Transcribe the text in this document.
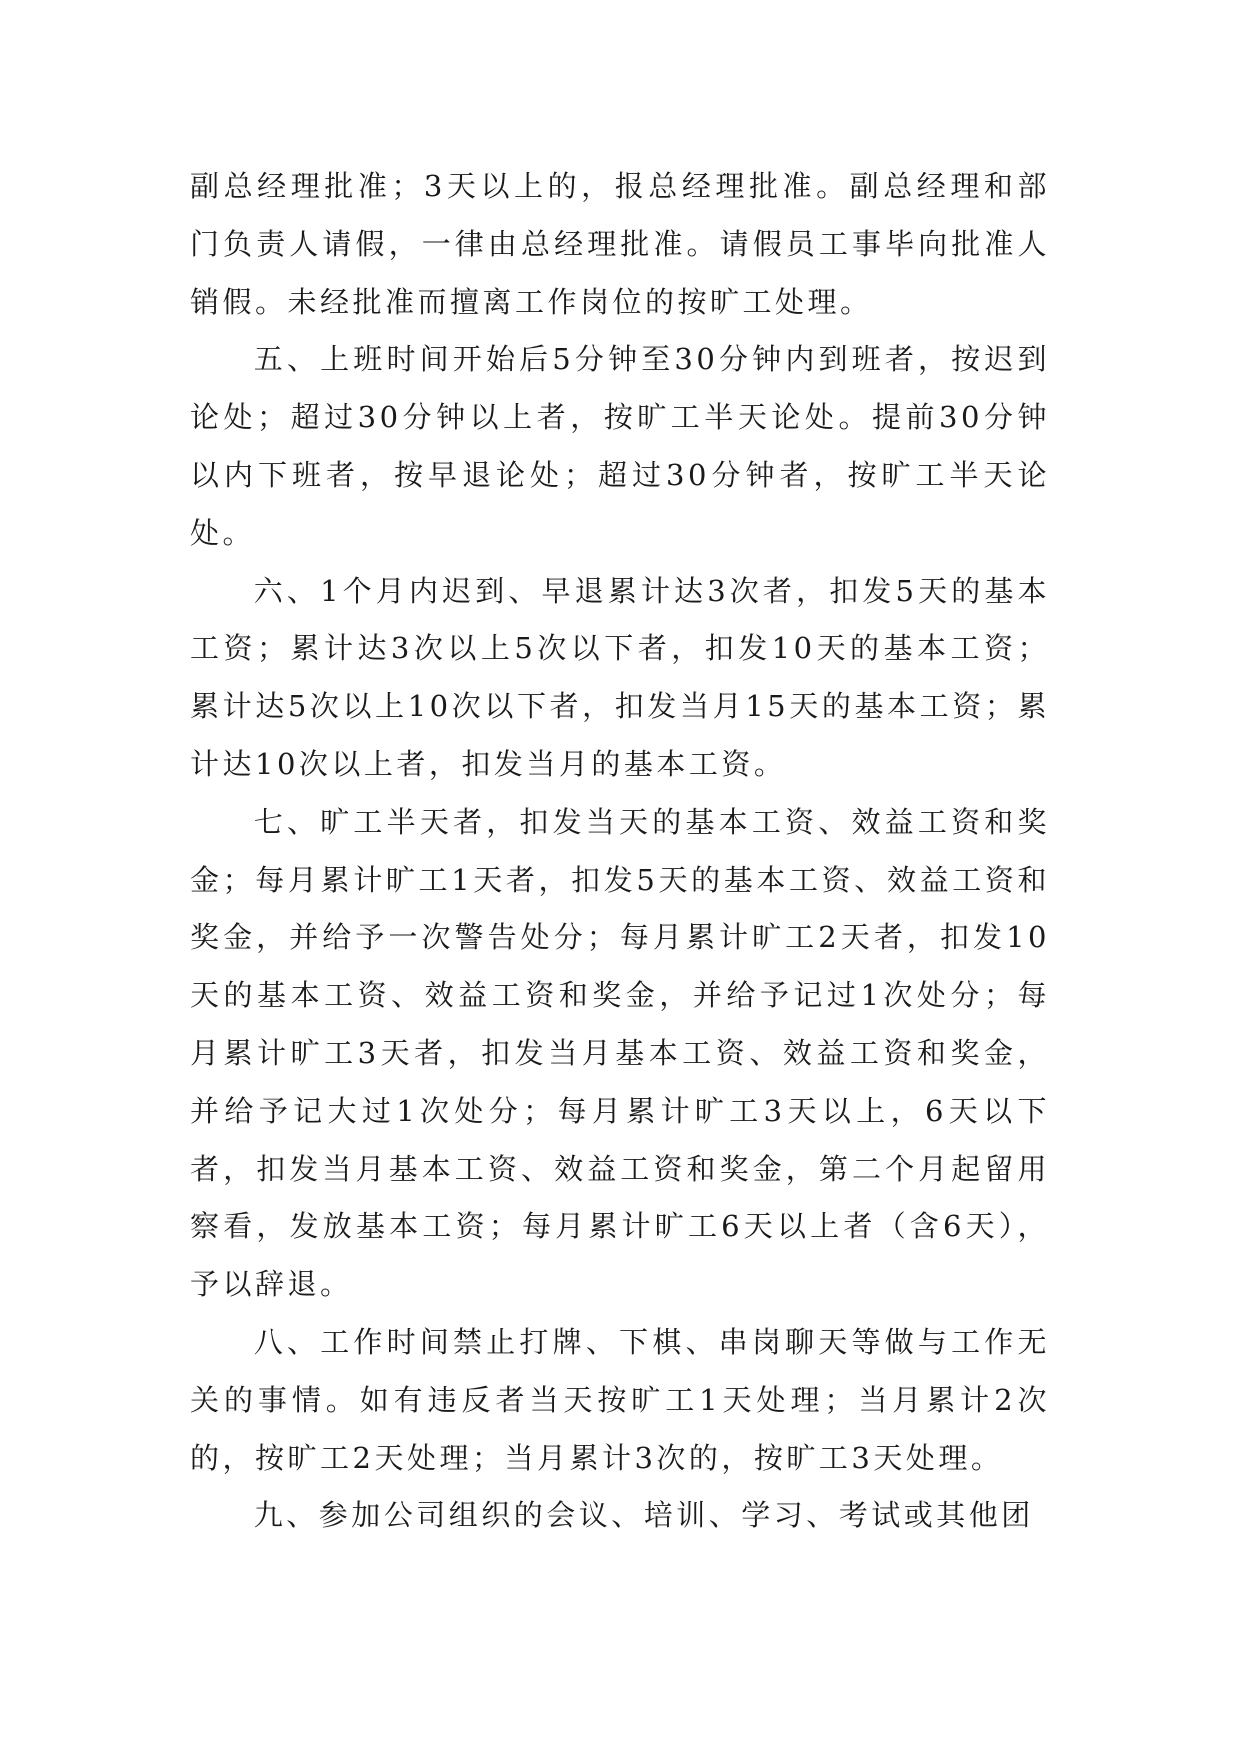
副总经理批准；3天以上的，报总经理批准。副总经理和部门负责人请假，一律由总经理批准。请假员工事毕向批准人销假。未经批准而擅离工作岗位的按旷工处理。

五、上班时间开始后5分钟至30分钟内到班者，按迟到论处；超过30分钟以上者，按旷工半天论处。提前30分钟以内下班者，按早退论处；超过30分钟者，按旷工半天论处。

六、1个月内迟到、早退累计达3次者，扣发5天的基本工资；累计达3次以上5次以下者，扣发10天的基本工资；累计达5次以上10次以下者，扣发当月15天的基本工资；累计达10次以上者，扣发当月的基本工资。

七、旷工半天者，扣发当天的基本工资、效益工资和奖金；每月累计旷工1天者，扣发5天的基本工资、效益工资和奖金，并给予一次警告处分；每月累计旷工2天者，扣发10天的基本工资、效益工资和奖金，并给予记过1次处分；每月累计旷工3天者，扣发当月基本工资、效益工资和奖金，并给予记大过1次处分；每月累计旷工3天以上，6天以下者，扣发当月基本工资、效益工资和奖金，第二个月起留用察看，发放基本工资；每月累计旷工6天以上者（含6天），予以辞退。

八、工作时间禁止打牌、下棋、串岗聊天等做与工作无关的事情。如有违反者当天按旷工1天处理；当月累计2次的，按旷工2天处理；当月累计3次的，按旷工3天处理。

九、参加公司组织的会议、培训、学习、考试或其他团
